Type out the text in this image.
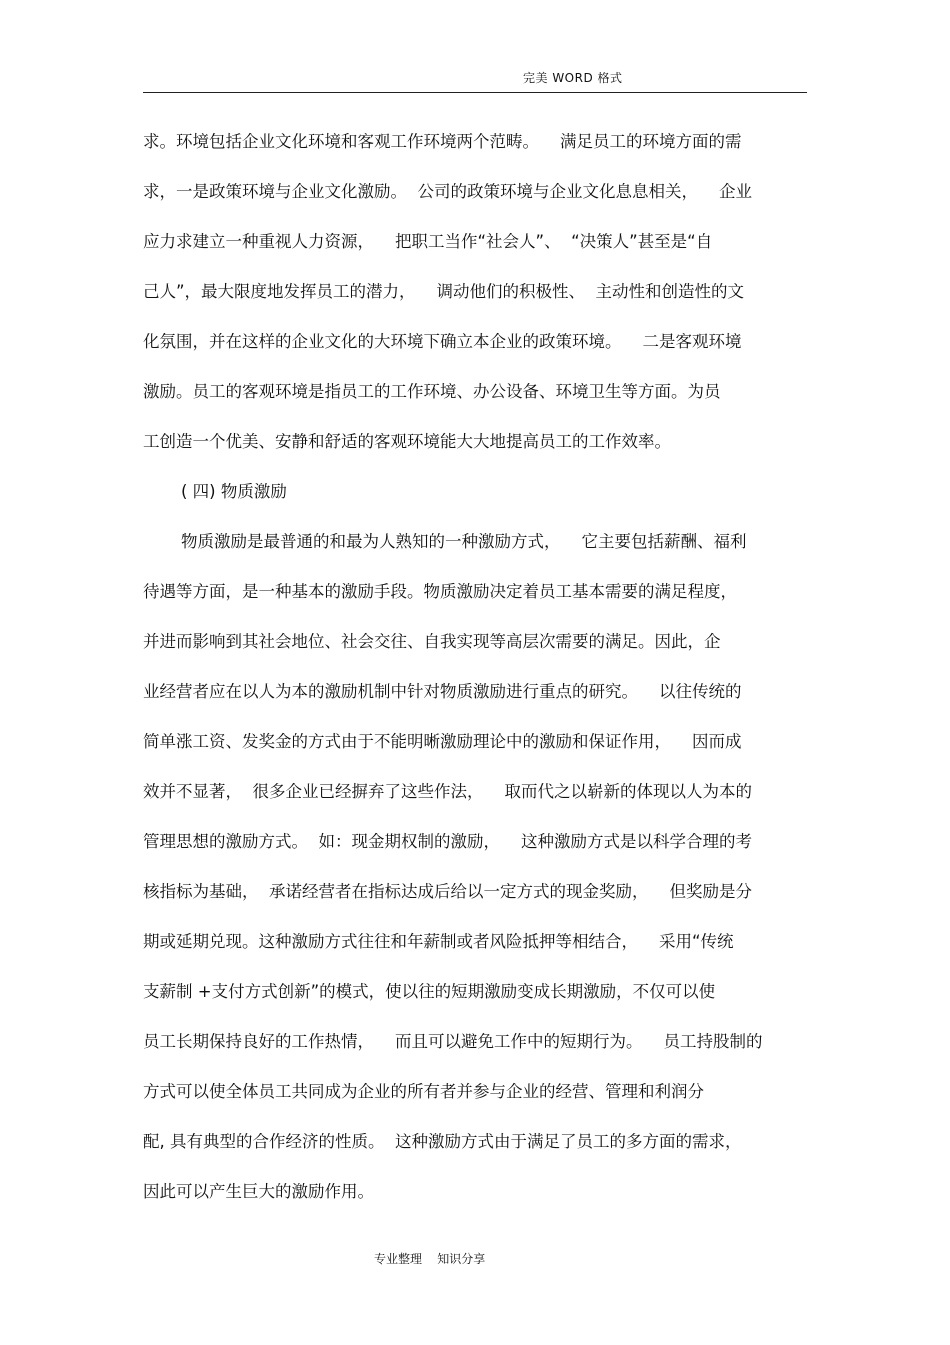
完美 WORD 格式
求。环境包括企业文化环境和客观工作环境两个范畴。    满足员工的环境方面的需
求，一是政策环境与企业文化激励。  公司的政策环境与企业文化息息相关，    企业
应力求建立一种重视人力资源，    把职工当作“社会人”、  “决策人”甚至是“自
己人”，最大限度地发挥员工的潜力，    调动他们的积极性、  主动性和创造性的文
化氛围，并在这样的企业文化的大环境下确立本企业的政策环境。    二是客观环境
激励。员工的客观环境是指员工的工作环境、办公设备、环境卫生等方面。为员
工创造一个优美、安静和舒适的客观环境能大大地提高员工的工作效率。
( 四) 物质激励
物质激励是最普通的和最为人熟知的一种激励方式，    它主要包括薪酬、福利
待遇等方面，是一种基本的激励手段。物质激励决定着员工基本需要的满足程度，
并进而影响到其社会地位、社会交往、自我实现等高层次需要的满足。因此，企
业经营者应在以人为本的激励机制中针对物质激励进行重点的研究。    以往传统的
简单涨工资、发奖金的方式由于不能明晰激励理论中的激励和保证作用，    因而成
效并不显著，  很多企业已经摒弃了这些作法，    取而代之以崭新的体现以人为本的
管理思想的激励方式。  如：现金期权制的激励，    这种激励方式是以科学合理的考
核指标为基础，  承诺经营者在指标达成后给以一定方式的现金奖励，    但奖励是分
期或延期兑现。这种激励方式往往和年薪制或者风险抵押等相结合，    采用“传统
支薪制 +支付方式创新”的模式，使以往的短期激励变成长期激励，不仅可以使
员工长期保持良好的工作热情，    而且可以避免工作中的短期行为。    员工持股制的
方式可以使全体员工共同成为企业的所有者并参与企业的经营、管理和利润分
配, 具有典型的合作经济的性质。  这种激励方式由于满足了员工的多方面的需求，
因此可以产生巨大的激励作用。
专业整理    知识分享
